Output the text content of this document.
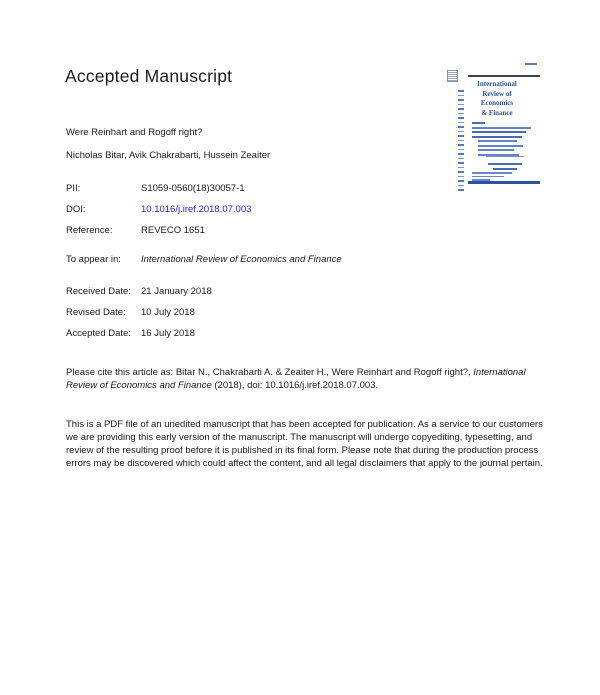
Accepted Manuscript	International
Review of
Economics
& Finance
Were Reinhart and Rogoff right?
Nicholas Bitar, Avik Chakrabarti, Hussein Zeaiter
PII:	S1059-0560(18)30057-1
DOI:	10.1016/j.iref.2018.07.003
Reference:	REVECO 1651
To appear in:	International Review of Economics and Finance
Received Date:	21 January 2018
Revised Date:	10 July 2018
Accepted Date:	16 July 2018
Please cite this article as: Bitar N., Chakrabarti A. & Zeaiter H., Were Reinhart and Rogoff right?, International Review of Economics and Finance (2018), doi: 10.1016/j.iref.2018.07.003.
This is a PDF file of an unedited manuscript that has been accepted for publication. As a service to our customers we are providing this early version of the manuscript. The manuscript will undergo copyediting, typesetting, and review of the resulting proof before it is published in its final form. Please note that during the production process errors may be discovered which could affect the content, and all legal disclaimers that apply to the journal pertain.
